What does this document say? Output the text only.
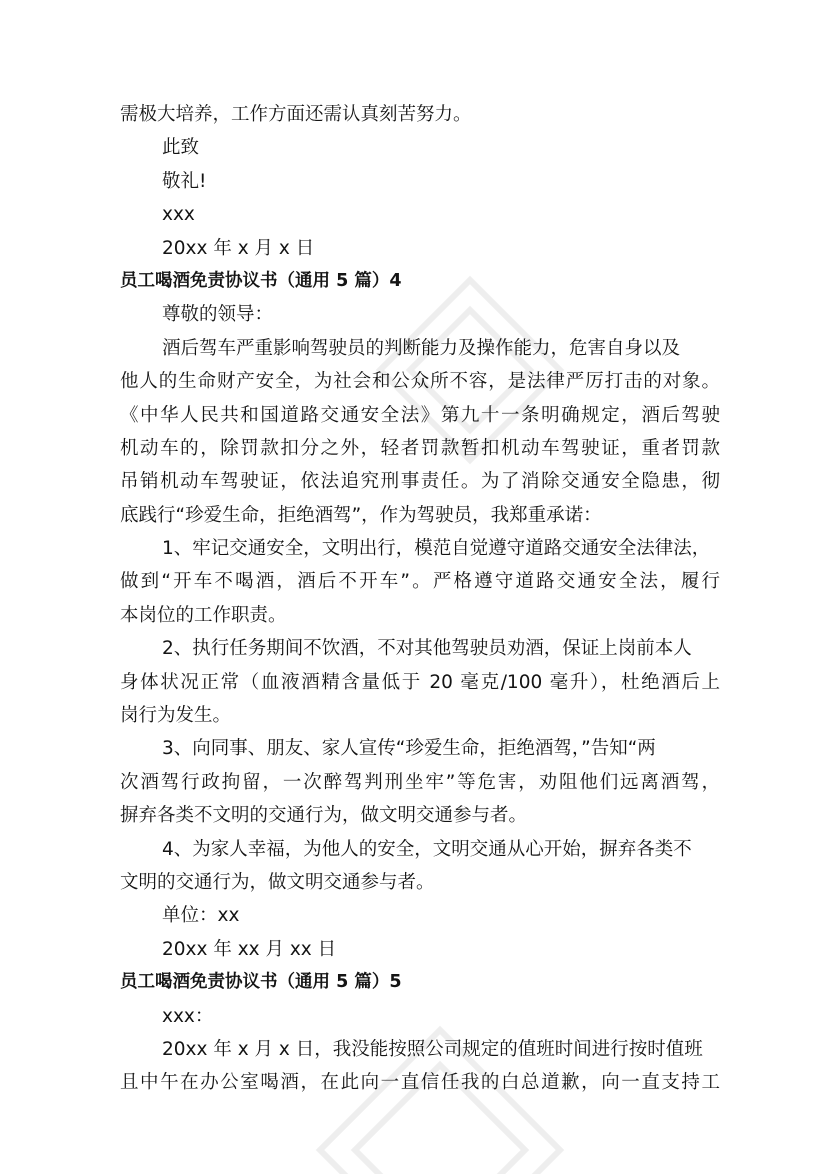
需极大培养，工作方面还需认真刻苦努力。
此致
敬礼!
xxx
20xx 年 x 月 x 日
员工喝酒免责协议书（通用 5 篇）4
尊敬的领导：
酒后驾车严重影响驾驶员的判断能力及操作能力，危害自身以及
他人的生命财产安全，为社会和公众所不容，是法律严厉打击的对象。
《中华人民共和国道路交通安全法》第九十一条明确规定，酒后驾驶
机动车的，除罚款扣分之外，轻者罚款暂扣机动车驾驶证，重者罚款
吊销机动车驾驶证，依法追究刑事责任。为了消除交通安全隐患，彻
底践行“珍爱生命，拒绝酒驾”，作为驾驶员，我郑重承诺：
1、牢记交通安全，文明出行，模范自觉遵守道路交通安全法律法，
做到“开车不喝酒，酒后不开车”。严格遵守道路交通安全法，履行
本岗位的工作职责。
2、执行任务期间不饮酒，不对其他驾驶员劝酒，保证上岗前本人
身体状况正常（血液酒精含量低于 20 毫克/100 毫升），杜绝酒后上
岗行为发生。
3、向同事、朋友、家人宣传“珍爱生命，拒绝酒驾，”告知“两
次酒驾行政拘留，一次醉驾判刑坐牢”等危害，劝阻他们远离酒驾，
摒弃各类不文明的交通行为，做文明交通参与者。
4、为家人幸福，为他人的安全，文明交通从心开始，摒弃各类不
文明的交通行为，做文明交通参与者。
单位：xx
20xx 年 xx 月 xx 日
员工喝酒免责协议书（通用 5 篇）5
xxx：
20xx 年 x 月 x 日，我没能按照公司规定的值班时间进行按时值班
且中午在办公室喝酒，在此向一直信任我的白总道歉，向一直支持工
